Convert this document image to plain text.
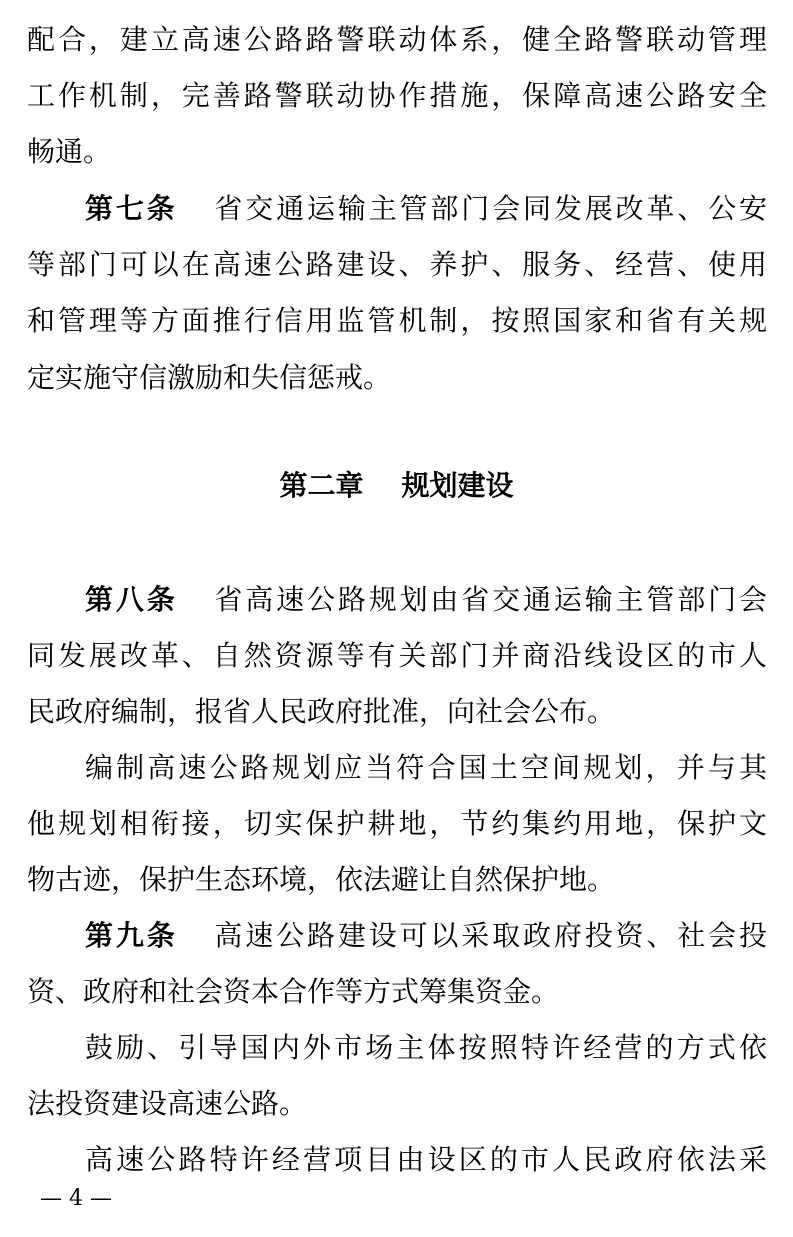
配合，建立高速公路路警联动体系，健全路警联动管理
工作机制，完善路警联动协作措施，保障高速公路安全
畅通。
第七条 省交通运输主管部门会同发展改革、公安
等部门可以在高速公路建设、养护、服务、经营、使用
和管理等方面推行信用监管机制，按照国家和省有关规
定实施守信激励和失信惩戒。
第二章 规划建设
第八条 省高速公路规划由省交通运输主管部门会
同发展改革、自然资源等有关部门并商沿线设区的市人
民政府编制，报省人民政府批准，向社会公布。
编制高速公路规划应当符合国土空间规划，并与其
他规划相衔接，切实保护耕地，节约集约用地，保护文
物古迹，保护生态环境，依法避让自然保护地。
第九条 高速公路建设可以采取政府投资、社会投
资、政府和社会资本合作等方式筹集资金。
鼓励、引导国内外市场主体按照特许经营的方式依
法投资建设高速公路。
高速公路特许经营项目由设区的市人民政府依法采
— 4 —
